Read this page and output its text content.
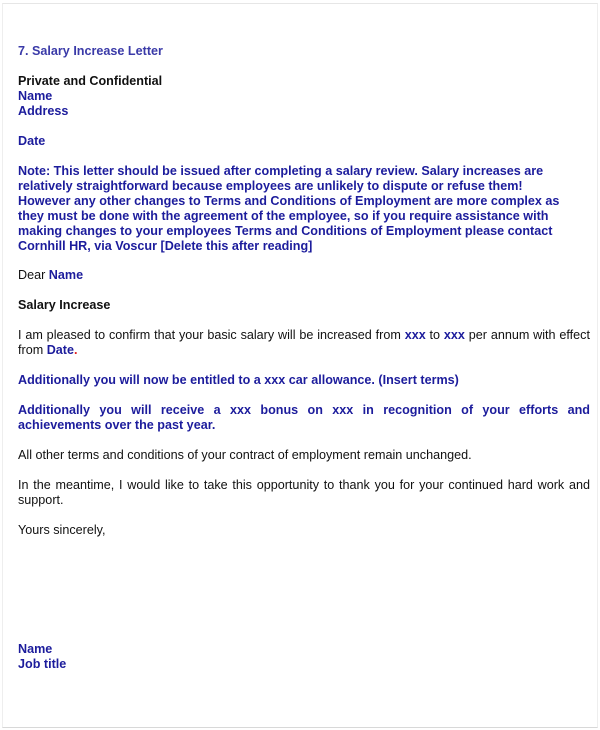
7. Salary Increase Letter
Private and Confidential
Name
Address
Date
Note: This letter should be issued after completing a salary review. Salary increases are
relatively straightforward because employees are unlikely to dispute or refuse them!
However any other changes to Terms and Conditions of Employment are more complex as
they must be done with the agreement of the employee, so if you require assistance with
making changes to your employees Terms and Conditions of Employment please contact
Cornhill HR, via Voscur [Delete this after reading]
Dear Name
Salary Increase
I am pleased to confirm that your basic salary will be increased from xxx to xxx per annum with effect from Date.
Additionally you will now be entitled to a xxx car allowance. (Insert terms)
Additionally you will receive a xxx bonus on xxx in recognition of your efforts and achievements over the past year.
All other terms and conditions of your contract of employment remain unchanged.
In the meantime, I would like to take this opportunity to thank you for your continued hard work and support.
Yours sincerely,
Name
Job title
